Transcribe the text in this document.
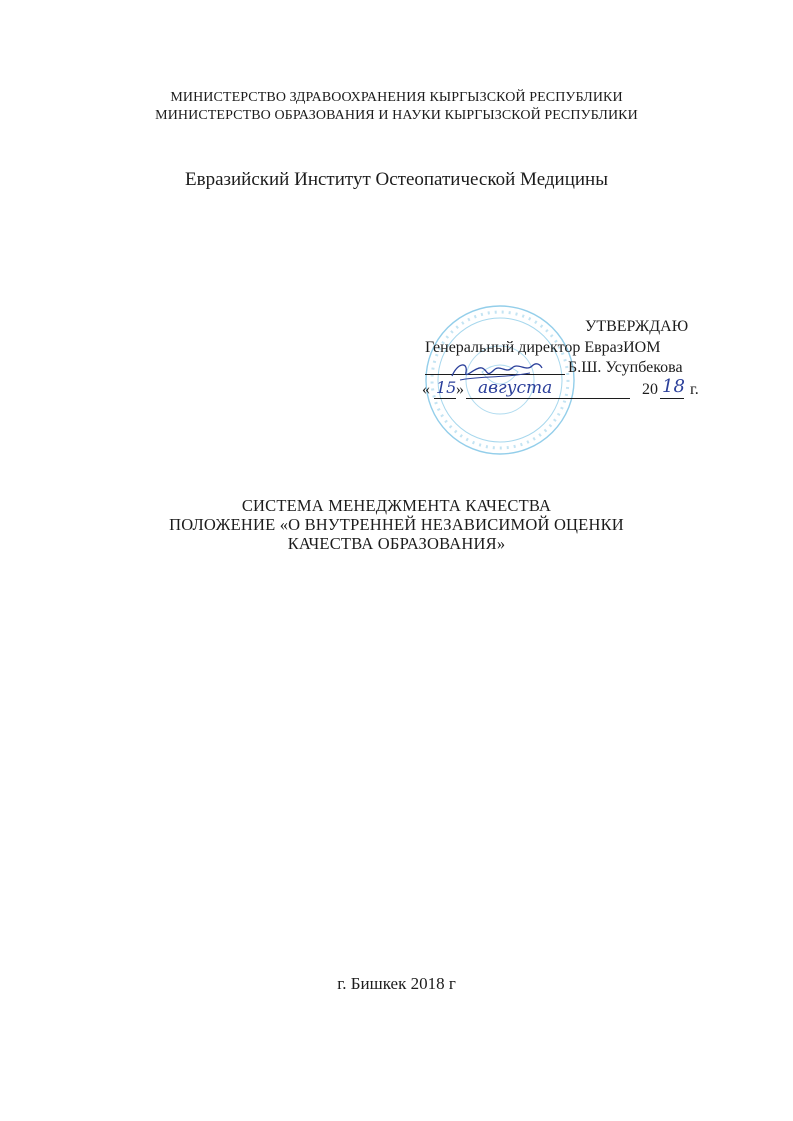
МИНИСТЕРСТВО ЗДРАВООХРАНЕНИЯ КЫРГЫЗСКОЙ РЕСПУБЛИКИ
МИНИСТЕРСТВО ОБРАЗОВАНИЯ И НАУКИ КЫРГЫЗСКОЙ РЕСПУБЛИКИ
Евразийский Институт Остеопатической Медицины
УТВЕРЖДАЮ
Генеральный директор ЕвразИОМ
Б.Ш. Усупбекова
« 15 » августа	20 18 г.
СИСТЕМА МЕНЕДЖМЕНТА КАЧЕСТВА
ПОЛОЖЕНИЕ «О ВНУТРЕННЕЙ НЕЗАВИСИМОЙ ОЦЕНКИ
КАЧЕСТВА ОБРАЗОВАНИЯ»
г. Бишкек 2018 г
